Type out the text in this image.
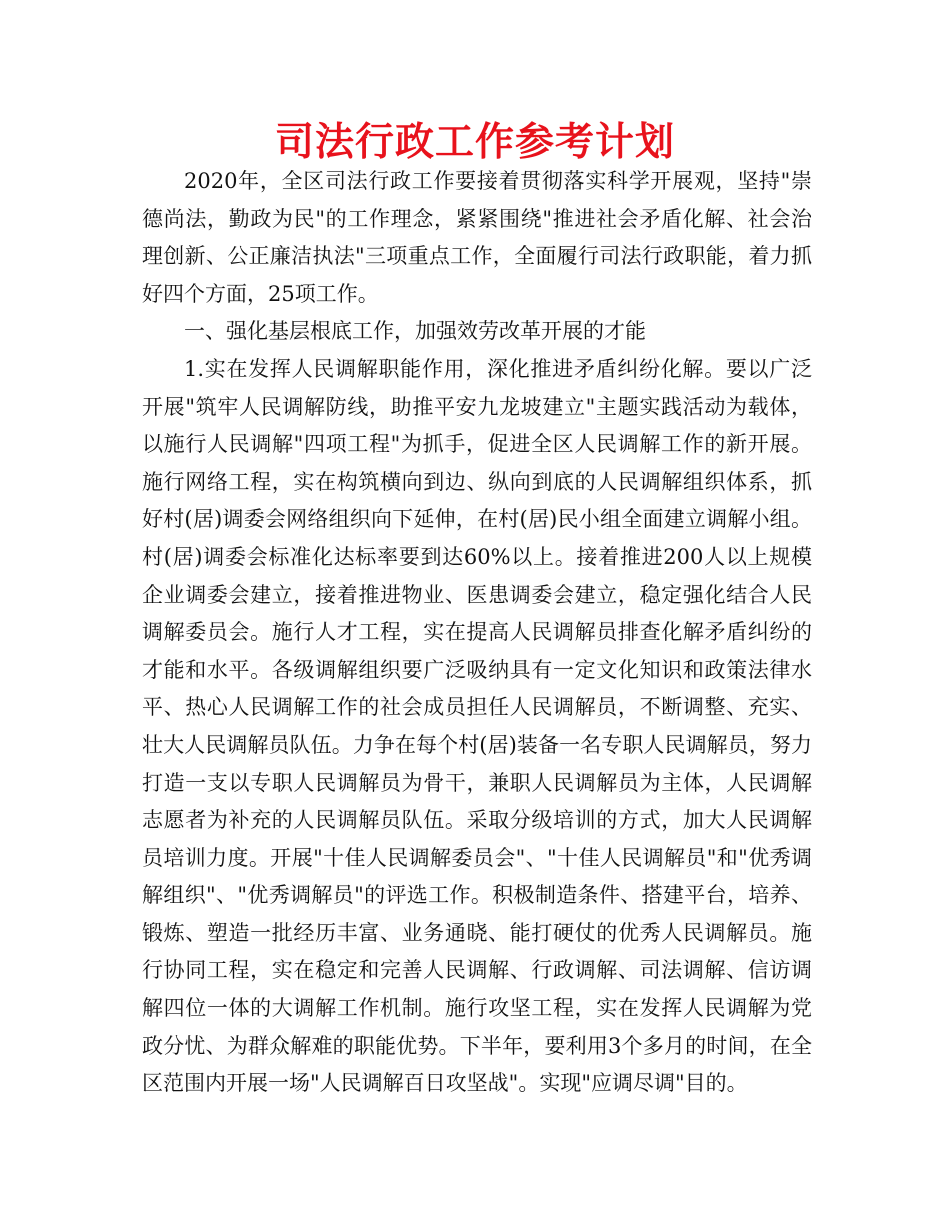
司法行政工作参考计划

2020年，全区司法行政工作要接着贯彻落实科学开展观，坚持"崇德尚法，勤政为民"的工作理念，紧紧围绕"推进社会矛盾化解、社会治理创新、公正廉洁执法"三项重点工作，全面履行司法行政职能，着力抓好四个方面，25项工作。

一、强化基层根底工作，加强效劳改革开展的才能

1.实在发挥人民调解职能作用，深化推进矛盾纠纷化解。要以广泛开展"筑牢人民调解防线，助推平安九龙坡建立"主题实践活动为载体，以施行人民调解"四项工程"为抓手，促进全区人民调解工作的新开展。施行网络工程，实在构筑横向到边、纵向到底的人民调解组织体系，抓好村(居)调委会网络组织向下延伸，在村(居)民小组全面建立调解小组。村(居)调委会标准化达标率要到达60%以上。接着推进200人以上规模企业调委会建立，接着推进物业、医患调委会建立，稳定强化结合人民调解委员会。施行人才工程，实在提高人民调解员排查化解矛盾纠纷的才能和水平。各级调解组织要广泛吸纳具有一定文化知识和政策法律水平、热心人民调解工作的社会成员担任人民调解员，不断调整、充实、壮大人民调解员队伍。力争在每个村(居)装备一名专职人民调解员，努力打造一支以专职人民调解员为骨干，兼职人民调解员为主体，人民调解志愿者为补充的人民调解员队伍。采取分级培训的方式，加大人民调解员培训力度。开展"十佳人民调解委员会"、"十佳人民调解员"和"优秀调解组织"、"优秀调解员"的评选工作。积极制造条件、搭建平台，培养、锻炼、塑造一批经历丰富、业务通晓、能打硬仗的优秀人民调解员。施行协同工程，实在稳定和完善人民调解、行政调解、司法调解、信访调解四位一体的大调解工作机制。施行攻坚工程，实在发挥人民调解为党政分忧、为群众解难的职能优势。下半年，要利用3个多月的时间，在全区范围内开展一场"人民调解百日攻坚战"。实现"应调尽调"目的。
